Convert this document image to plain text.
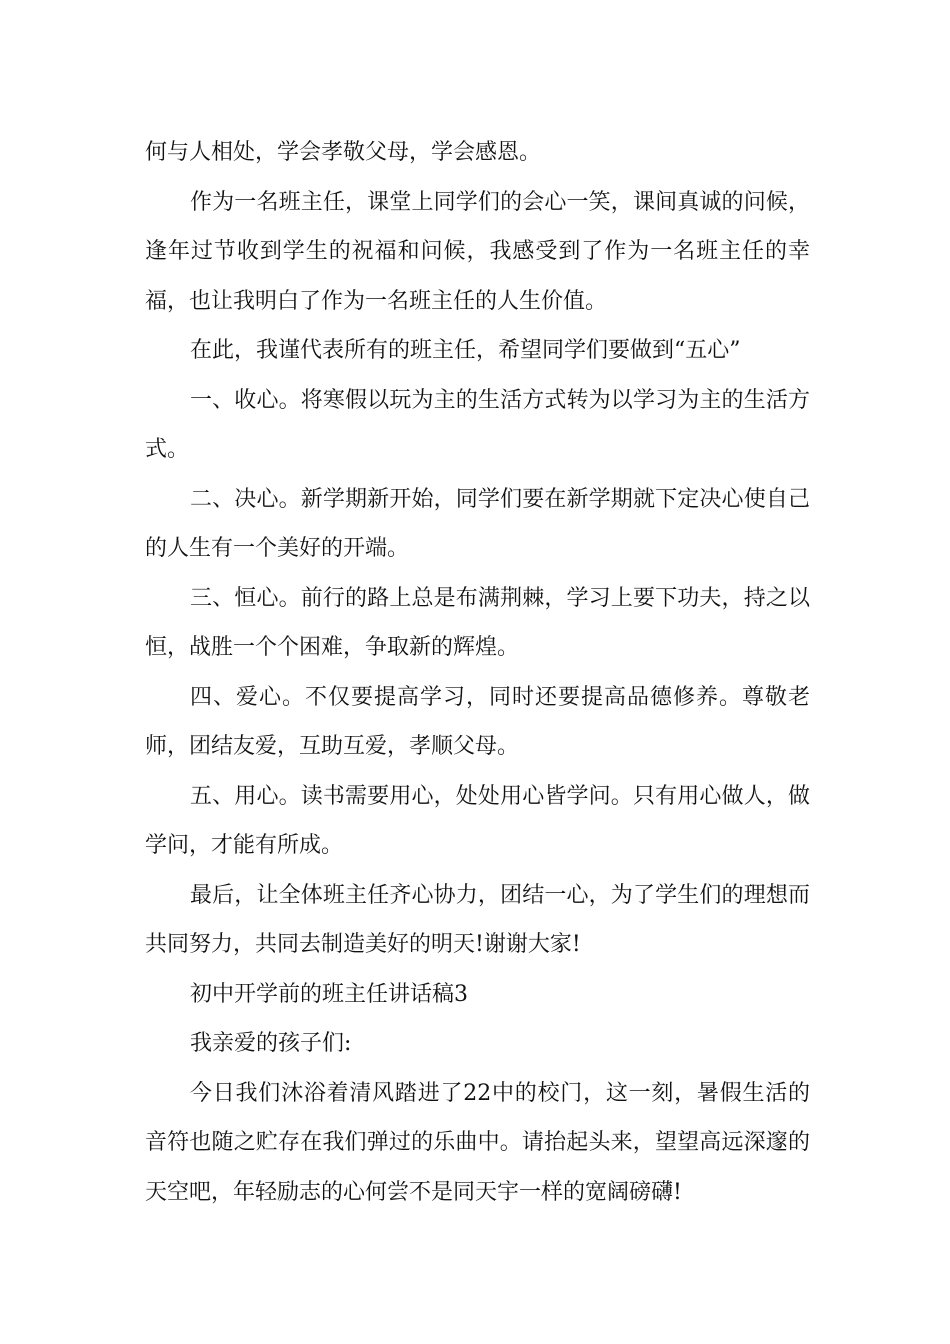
何与人相处，学会孝敬父母，学会感恩。

作为一名班主任，课堂上同学们的会心一笑，课间真诚的问候，逢年过节收到学生的祝福和问候，我感受到了作为一名班主任的幸福，也让我明白了作为一名班主任的人生价值。

在此，我谨代表所有的班主任，希望同学们要做到“五心”

一、收心。将寒假以玩为主的生活方式转为以学习为主的生活方式。

二、决心。新学期新开始，同学们要在新学期就下定决心使自己的人生有一个美好的开端。

三、恒心。前行的路上总是布满荆棘，学习上要下功夫，持之以恒，战胜一个个困难，争取新的辉煌。

四、爱心。不仅要提高学习，同时还要提高品德修养。尊敬老师，团结友爱，互助互爱，孝顺父母。

五、用心。读书需要用心，处处用心皆学问。只有用心做人，做学问，才能有所成。

最后，让全体班主任齐心协力，团结一心，为了学生们的理想而共同努力，共同去制造美好的明天!谢谢大家!

初中开学前的班主任讲话稿3

我亲爱的孩子们:

今日我们沐浴着清风踏进了22中的校门，这一刻，暑假生活的音符也随之贮存在我们弹过的乐曲中。请抬起头来，望望高远深邃的天空吧，年轻励志的心何尝不是同天宇一样的宽阔磅礴!
